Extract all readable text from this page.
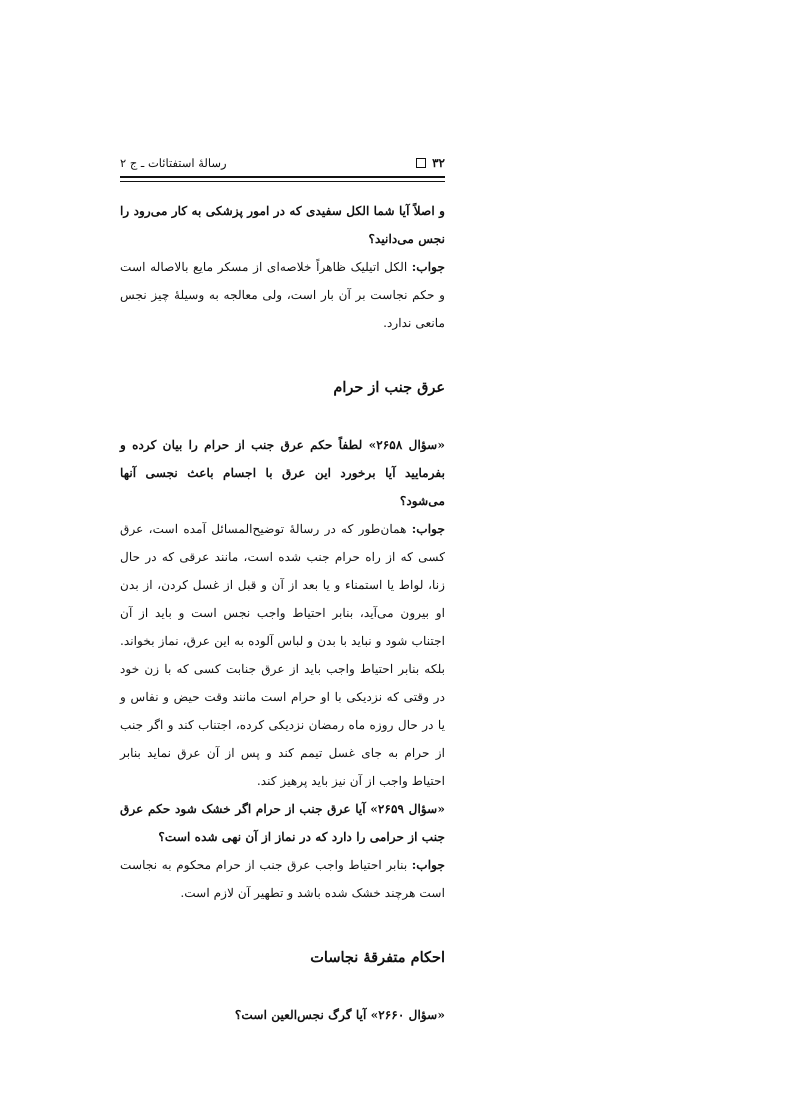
۳۲
رسالهٔ استفتائات ـ ج ۲

و اصلاً آیا شما الکل سفیدی که در امور پزشکی به کار می‌رود را نجس می‌دانید؟

جواب: الکل اتیلیک ظاهراً خلاصه‌ای از مسکر مایع بالاصاله است و حکم نجاست بر آن بار است، ولی معالجه به وسیلهٔ چیز نجس مانعی ندارد.

عرق جنب از حرام

«سؤال ۲۶۵۸» لطفاً حکم عرق جنب از حرام را بیان کرده و بفرمایید آیا برخورد این عرق با اجسام باعث نجسی آنها می‌شود؟

جواب: همان‌طور که در رسالهٔ توضیح‌المسائل آمده است، عرق کسی که از راه حرام جنب شده است، مانند عرقی که در حال زنا، لواط یا استمناء و یا بعد از آن و قبل از غسل کردن، از بدن او بیرون می‌آید، بنابر احتیاط واجب نجس است و باید از آن اجتناب شود و نباید با بدن و لباس آلوده به این عرق، نماز بخواند. بلکه بنابر احتیاط واجب باید از عرق جنابت کسی که با زن خود در وقتی که نزدیکی با او حرام است مانند وقت حیض و نفاس و یا در حال روزه ماه رمضان نزدیکی کرده، اجتناب کند و اگر جنب از حرام به جای غسل تیمم کند و پس از آن عرق نماید بنابر احتیاط واجب از آن نیز باید پرهیز کند.

«سؤال ۲۶۵۹» آیا عرق جنب از حرام اگر خشک شود حکم عرق جنب از حرامی را دارد که در نماز از آن نهی شده است؟

جواب: بنابر احتیاط واجب عرق جنب از حرام محکوم به نجاست است هرچند خشک شده باشد و تطهیر آن لازم است.

احکام متفرقهٔ نجاسات

«سؤال ۲۶۶۰» آیا گرگ نجس‌العین است؟
